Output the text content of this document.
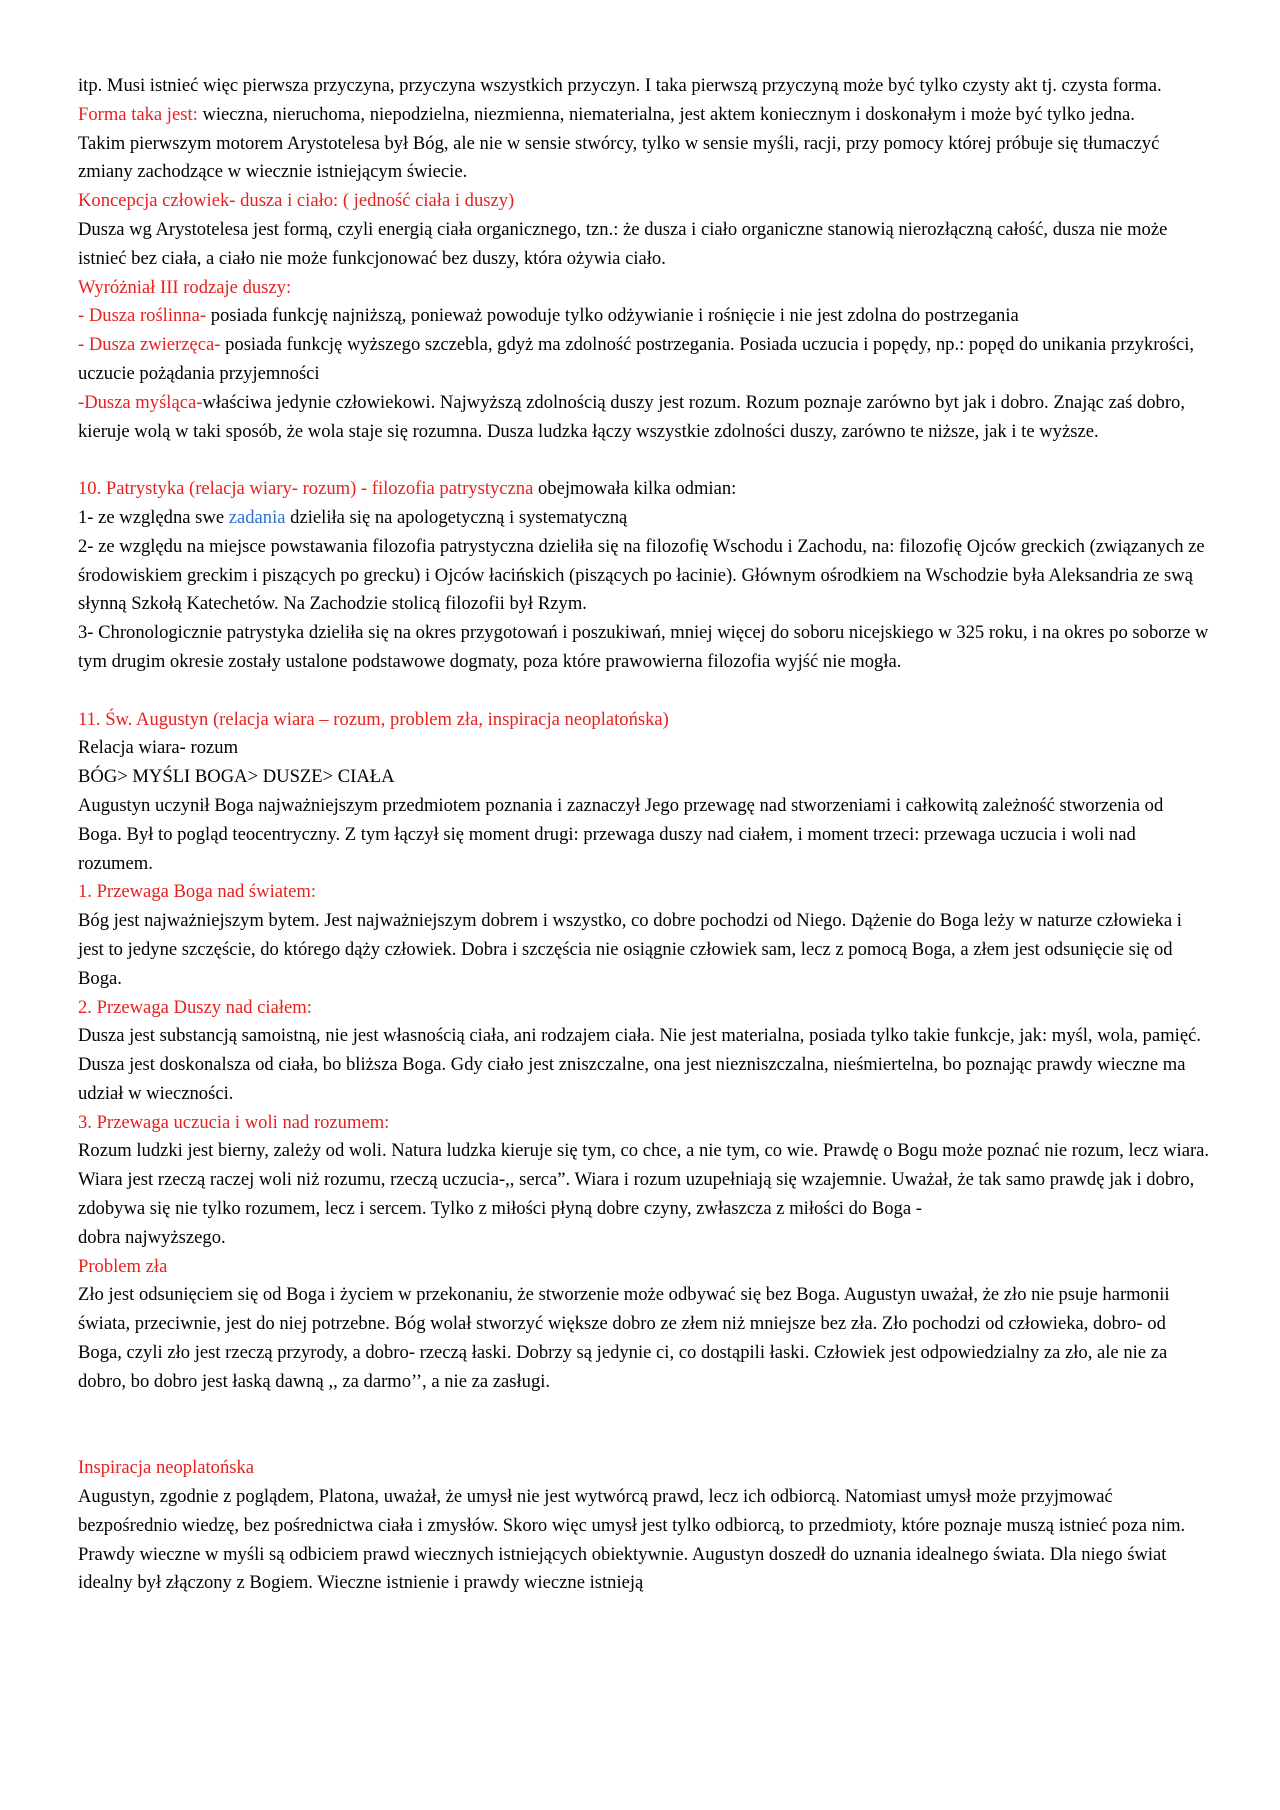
itp. Musi istnieć więc pierwsza przyczyna, przyczyna wszystkich przyczyn. I taka pierwszą przyczyną może być tylko czysty akt tj. czysta forma.

Forma taka jest: wieczna, nieruchoma, niepodzielna, niezmienna, niematerialna, jest aktem koniecznym i doskonałym i może być tylko jedna.

Takim pierwszym motorem Arystotelesa był Bóg, ale nie w sensie stwórcy, tylko w sensie myśli, racji, przy pomocy której próbuje się tłumaczyć zmiany zachodzące w wiecznie istniejącym świecie.

Koncepcja człowiek- dusza i ciało: ( jedność ciała i duszy)

Dusza wg Arystotelesa jest formą, czyli energią ciała organicznego, tzn.: że dusza i ciało organiczne stanowią nierozłączną całość, dusza nie może istnieć bez ciała, a ciało nie może funkcjonować bez duszy, która ożywia ciało.

Wyróżniał III rodzaje duszy:

- Dusza roślinna- posiada funkcję najniższą, ponieważ powoduje tylko odżywianie i rośnięcie i nie jest zdolna do postrzegania

- Dusza zwierzęca- posiada funkcję wyższego szczebla, gdyż ma zdolność postrzegania. Posiada uczucia i popędy, np.: popęd do unikania przykrości, uczucie pożądania przyjemności

-Dusza myśląca-właściwa jedynie człowiekowi. Najwyższą zdolnością duszy jest rozum. Rozum poznaje zarówno byt jak i dobro. Znając zaś dobro, kieruje wolą w taki sposób, że wola staje się rozumna. Dusza ludzka łączy wszystkie zdolności duszy, zarówno te niższe, jak i te wyższe.

10. Patrystyka (relacja wiary- rozum) - filozofia patrystyczna obejmowała kilka odmian:

1- ze względna swe zadania dzieliła się na apologetyczną i systematyczną

2- ze względu na miejsce powstawania filozofia patrystyczna dzieliła się na filozofię Wschodu i Zachodu, na: filozofię Ojców greckich (związanych ze środowiskiem greckim i piszących po grecku) i Ojców łacińskich (piszących po łacinie). Głównym ośrodkiem na Wschodzie była Aleksandria ze swą słynną Szkołą Katechetów. Na Zachodzie stolicą filozofii był Rzym.

3- Chronologicznie patrystyka dzieliła się na okres przygotowań i poszukiwań, mniej więcej do soboru nicejskiego w 325 roku, i na okres po soborze w tym drugim okresie zostały ustalone podstawowe dogmaty, poza które prawowierna filozofia wyjść nie mogła.

11. Św. Augustyn (relacja wiara – rozum, problem zła, inspiracja neoplatońska)

Relacja wiara- rozum

BÓG> MYŚLI BOGA> DUSZE> CIAŁA

Augustyn uczynił Boga najważniejszym przedmiotem poznania i zaznaczył Jego przewagę nad stworzeniami i całkowitą zależność stworzenia od Boga. Był to pogląd teocentryczny. Z tym łączył się moment drugi: przewaga duszy nad ciałem, i moment trzeci: przewaga uczucia i woli nad rozumem.

1. Przewaga Boga nad światem:

Bóg jest najważniejszym bytem. Jest najważniejszym dobrem i wszystko, co dobre pochodzi od Niego. Dążenie do Boga leży w naturze człowieka i jest to jedyne szczęście, do którego dąży człowiek. Dobra i szczęścia nie osiągnie człowiek sam, lecz z pomocą Boga, a złem jest odsunięcie się od Boga.

2. Przewaga Duszy nad ciałem:

Dusza jest substancją samoistną, nie jest własnością ciała, ani rodzajem ciała. Nie jest materialna, posiada tylko takie funkcje, jak: myśl, wola, pamięć. Dusza jest doskonalsza od ciała, bo bliższa Boga. Gdy ciało jest zniszczalne, ona jest niezniszczalna, nieśmiertelna, bo poznając prawdy wieczne ma udział w wieczności.

3. Przewaga uczucia i woli nad rozumem:

Rozum ludzki jest bierny, zależy od woli. Natura ludzka kieruje się tym, co chce, a nie tym, co wie. Prawdę o Bogu może poznać nie rozum, lecz wiara. Wiara jest rzeczą raczej woli niż rozumu, rzeczą uczucia-,, serca”. Wiara i rozum uzupełniają się wzajemnie. Uważał, że tak samo prawdę jak i dobro, zdobywa się nie tylko rozumem, lecz i sercem. Tylko z miłości płyną dobre czyny, zwłaszcza z miłości do Boga -

dobra najwyższego.

Problem zła

Zło jest odsunięciem się od Boga i życiem w przekonaniu, że stworzenie może odbywać się bez Boga. Augustyn uważał, że zło nie psuje harmonii świata, przeciwnie, jest do niej potrzebne. Bóg wolał stworzyć większe dobro ze złem niż mniejsze bez zła. Zło pochodzi od człowieka, dobro- od Boga, czyli zło jest rzeczą przyrody, a dobro- rzeczą łaski. Dobrzy są jedynie ci, co dostąpili łaski. Człowiek jest odpowiedzialny za zło, ale nie za dobro, bo dobro jest łaską dawną ,, za darmo’’, a nie za zasługi.

Inspiracja neoplatońska

Augustyn, zgodnie z poglądem, Platona, uważał, że umysł nie jest wytwórcą prawd, lecz ich odbiorcą. Natomiast umysł może przyjmować bezpośrednio wiedzę, bez pośrednictwa ciała i zmysłów. Skoro więc umysł jest tylko odbiorcą, to przedmioty, które poznaje muszą istnieć poza nim. Prawdy wieczne w myśli są odbiciem prawd wiecznych istniejących obiektywnie. Augustyn doszedł do uznania idealnego świata. Dla niego świat idealny był złączony z Bogiem. Wieczne istnienie i prawdy wieczne istnieją
